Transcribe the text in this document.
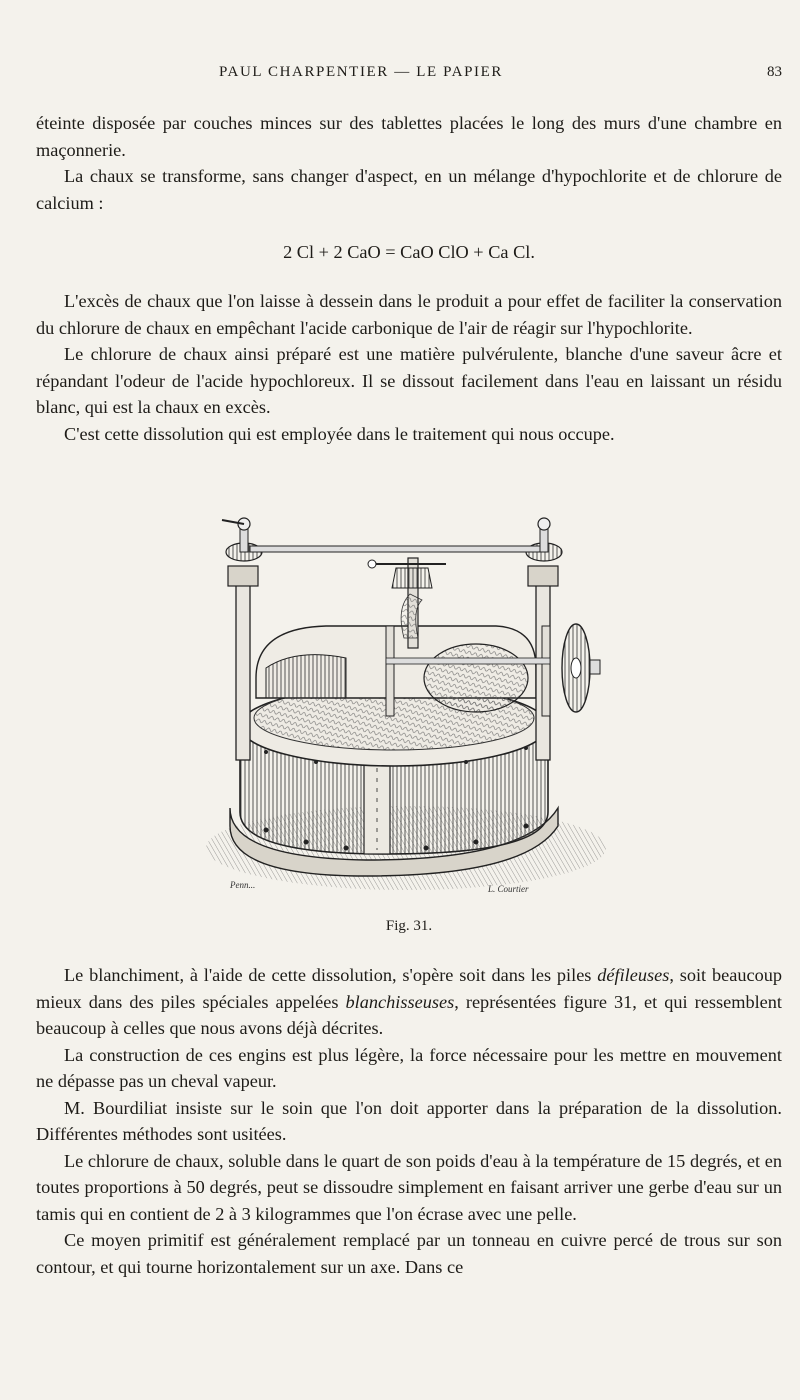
PAUL CHARPENTIER — LE PAPIER	83

éteinte disposée par couches minces sur des tablettes placées le long des murs d'une chambre en maçonnerie.

La chaux se transforme, sans changer d'aspect, en un mélange d'hypochlorite et de chlorure de calcium :

2 Cl + 2 CaO = CaO ClO + Ca Cl.

L'excès de chaux que l'on laisse à dessein dans le produit a pour effet de faciliter la conservation du chlorure de chaux en empêchant l'acide carbonique de l'air de réagir sur l'hypochlorite.

Le chlorure de chaux ainsi préparé est une matière pulvérulente, blanche d'une saveur âcre et répandant l'odeur de l'acide hypochloreux. Il se dissout facilement dans l'eau en laissant un résidu blanc, qui est la chaux en excès.

C'est cette dissolution qui est employée dans le traitement qui nous occupe.

Penn...	L. Courtier
Fig. 31.

Le blanchiment, à l'aide de cette dissolution, s'opère soit dans les piles défileuses, soit beaucoup mieux dans des piles spéciales appelées blanchisseuses, représentées figure 31, et qui ressemblent beaucoup à celles que nous avons déjà décrites.

La construction de ces engins est plus légère, la force nécessaire pour les mettre en mouvement ne dépasse pas un cheval vapeur.

M. Bourdiliat insiste sur le soin que l'on doit apporter dans la préparation de la dissolution. Différentes méthodes sont usitées.

Le chlorure de chaux, soluble dans le quart de son poids d'eau à la température de 15 degrés, et en toutes proportions à 50 degrés, peut se dissoudre simplement en faisant arriver une gerbe d'eau sur un tamis qui en contient de 2 à 3 kilogrammes que l'on écrase avec une pelle.

Ce moyen primitif est généralement remplacé par un tonneau en cuivre percé de trous sur son contour, et qui tourne horizontalement sur un axe. Dans ce
